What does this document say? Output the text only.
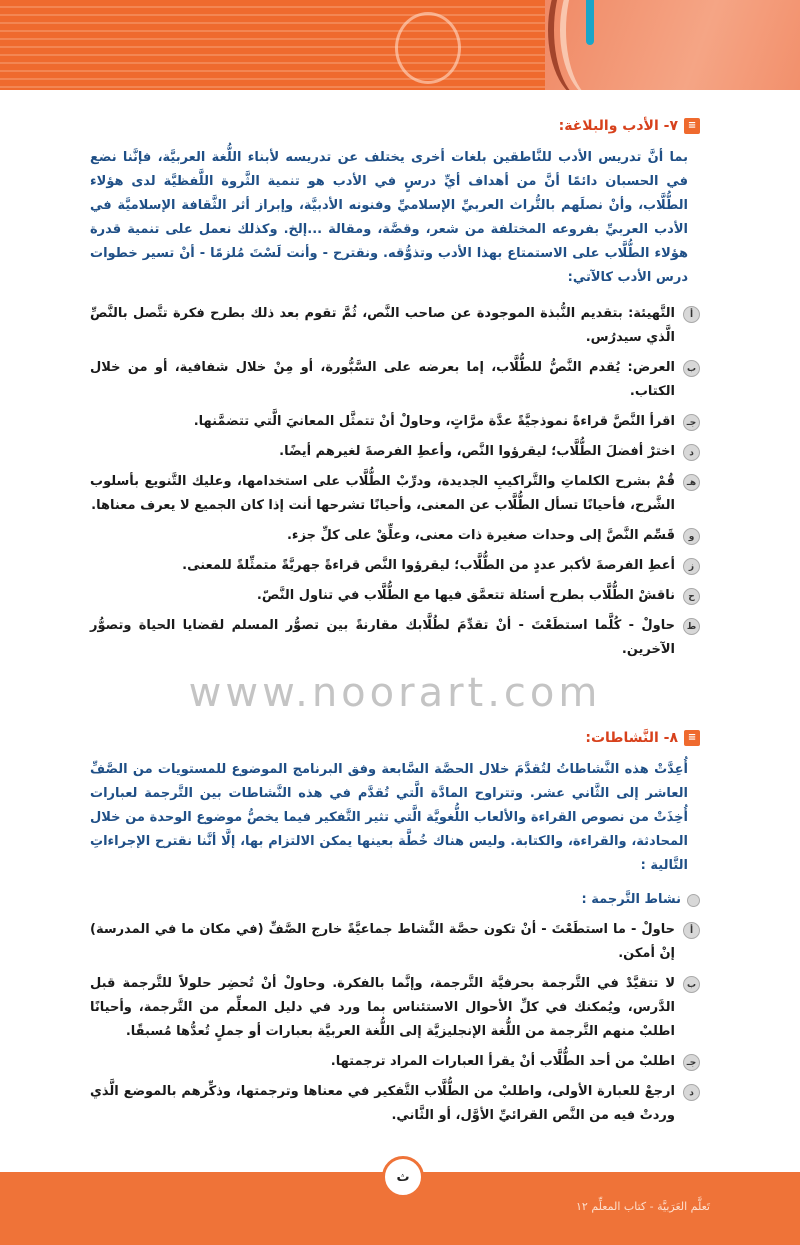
≡
٧- الأدب والبلاغة:
بما أنَّ تدريس الأدب للنَّاطقين بلغات أخرى يختلف عن تدريسه لأبناء اللُّغة العربيَّة، فإنَّنا نضع في الحسبان دائمًا أنَّ من أهداف أيِّ درسٍ في الأدب هو تنمية الثَّروة اللَّفظيَّة لدى هؤلاء الطُّلَّاب، وأنْ نصلَهم بالتُّراث العربيِّ الإسلاميِّ وفنونه الأدبيَّة، وإبراز أثر الثَّقافة الإسلاميَّة في الأدب العربيِّ بفروعه المختلفة من شعر، وقصَّة، ومقالة ...إلخ. وكذلك نعمل على تنمية قدرة هؤلاء الطُّلَّاب على الاستمتاع بهذا الأدب وتذوُّقه. ونقترح - وأنت لَسْتَ مُلزمًا - أنْ تسير خطوات درس الأدب كالآتي:
أ
التَّهيئة: بتقديم النُّبذة الموجودة عن صاحب النَّص، ثُمَّ تقوم بعد ذلك بطرح فكرة تتَّصل بالنَّصِّ الَّذي سيدرُس.
ب
العرض: يُقدم النَّصُّ للطُّلَّاب، إما بعرضه على السَّبُّورة، أو مِنْ خلال شفافية، أو من خلال الكتاب.
جـ
اقرأ النَّصَّ قراءةً نموذجيَّةً عدَّة مرَّاتٍ، وحاولْ أنْ تتمثَّل المعانيَ الَّتي تتضمَّنها.
د
اخترْ أفضلَ الطُّلَّاب؛ ليقرؤوا النَّص، وأعطِ الفرصةَ لغيرهم أيضًا.
هـ
قُمْ بشرح الكلماتِ والتَّراكيبِ الجديدة، ودرِّبْ الطُّلَّاب على استخدامها، وعليك التَّنويع بأسلوب الشَّرح، فأحيانًا تسأل الطُّلَّاب عن المعنى، وأحيانًا تشرحها أنت إذا كان الجميع لا يعرف معناها.
و
قَسِّم النَّصَّ إلى وحدات صغيرة ذات معنى، وعلِّقْ على كلِّ جزء.
ز
أعطِ الفرصةَ لأكبر عددٍ من الطُّلَّاب؛ ليقرؤوا النَّص قراءةً جهريَّةً متمثِّلةً للمعنى.
ح
ناقشْ الطُّلَّاب بطرح أسئلة تتعمَّق فيها مع الطُّلَّاب في تناول النَّصّ.
ط
حاولْ - كُلَّما استطَعْتَ - أنْ تقدِّمَ لطُلَّابك مقارنةً بين تصوُّر المسلم لقضايا الحياة وتصوُّر الآخرين.
www.noorart.com
≡
٨- النَّشاطات:
أُعِدَّتْ هذه النَّشاطاتُ لتُقدَّمَ خلال الحصَّة السَّابعة وفق البرنامج الموضوع للمستويات من الصَّفِّ العاشر إلى الثَّاني عشر. وتتراوح المادَّة الَّتي تُقدَّم في هذه النَّشاطات بين التَّرجمة لعبارات أُخِذَتْ من نصوص القراءة والألعاب اللُّغويَّة الَّتي تثير التَّفكير فيما يخصُّ موضوع الوحدة من خلال المحادثة، والقراءة، والكتابة. وليس هناك خُطَّة بعينها يمكن الالتزام بها، إلَّا أنَّنا نقترح الإجراءاتِ التَّالية :
نشاط التَّرجمة :
أ
حاولْ - ما استطَعْتَ - أنْ تكون حصَّة النَّشاط جماعيَّةً خارج الصَّفِّ (في مكان ما في المدرسة) إنْ أمكن.
ب
لا تتقيَّدْ في التَّرجمة بحرفيَّة التَّرجمة، وإنَّما بالفكرة. وحاولْ أنْ تُحضِر حلولاً للتَّرجمة قبل الدَّرس، ويُمكنك في كلِّ الأحوال الاستئناس بما ورد في دليل المعلِّم من التَّرجمة، وأحيانًا اطلبْ منهم التَّرجمة من اللُّغة الإنجليزيَّة إلى اللُّغة العربيَّة بعبارات أو جملٍ تُعدُّها مُسبقًا.
جـ
اطلبْ من أحد الطُّلَّاب أنْ يقرأ العبارات المراد ترجمتها.
د
ارجعْ للعبارة الأولى، واطلبْ من الطُّلَّاب التَّفكير في معناها وترجمتها، وذكِّرهم بالموضع الَّذي وردتْ فيه من النَّص القرائيِّ الأوَّل، أو الثَّاني.
ث
تَعلَّم العَرَبيَّة - كتاب المعلِّم ١٢
